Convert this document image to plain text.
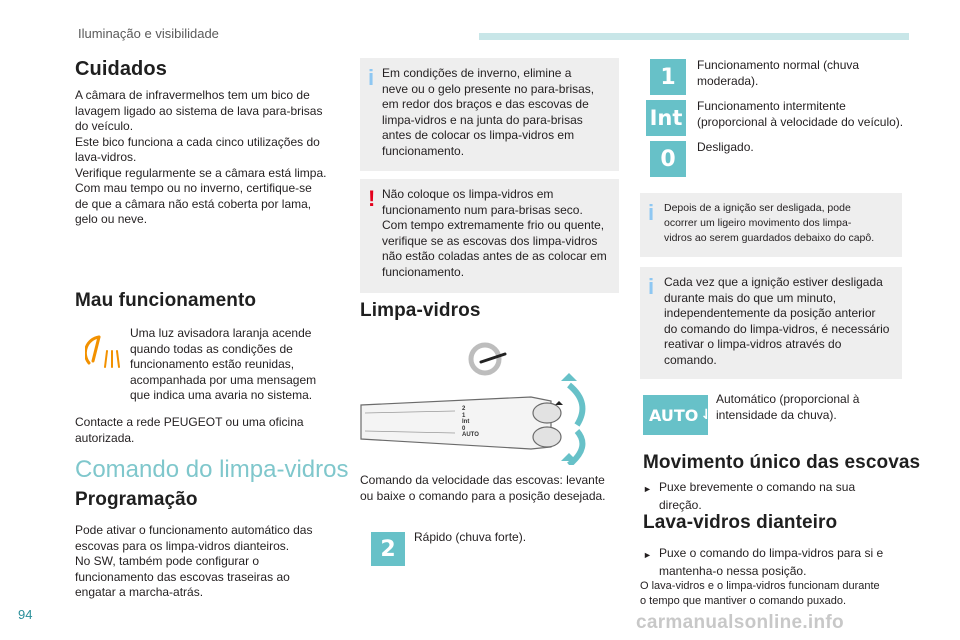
Iluminação e visibilidade
Cuidados
A câmara de infravermelhos tem um bico de
lavagem ligado ao sistema de lava para-brisas
do veículo.
Este bico funciona a cada cinco utilizações do
lava-vidros.
Verifique regularmente se a câmara está limpa.
Com mau tempo ou no inverno, certifique-se
de que a câmara não está coberta por lama,
gelo ou neve.
Mau funcionamento
Uma luz avisadora laranja acende
quando todas as condições de
funcionamento estão reunidas,
acompanhada por uma mensagem
que indica uma avaria no sistema.
Contacte a rede PEUGEOT ou uma oficina
autorizada.
Comando do limpa-vidros
Programação
Pode ativar o funcionamento automático das
escovas para os limpa-vidros dianteiros.
No SW, também pode configurar o
funcionamento das escovas traseiras ao
engatar a marcha-atrás.
i Em condições de inverno, elimine a
neve ou o gelo presente no para-brisas,
em redor dos braços e das escovas de
limpa-vidros e na junta do para-brisas
antes de colocar os limpa-vidros em
funcionamento.
! Não coloque os limpa-vidros em
funcionamento num para-brisas seco.
Com tempo extremamente frio ou quente,
verifique se as escovas dos limpa-vidros
não estão coladas antes de as colocar em
funcionamento.
Limpa-vidros
2
1
Int
0
AUTO
Comando da velocidade das escovas: levante
ou baixe o comando para a posição desejada.
2	Rápido (chuva forte).
1	Funcionamento normal (chuva
moderada).
Int Funcionamento intermitente
(proporcional à velocidade do veículo).
0	Desligado.
i Depois de a ignição ser desligada, pode
ocorrer um ligeiro movimento dos limpa-
vidros ao serem guardados debaixo do capô.
i Cada vez que a ignição estiver desligada
durante mais do que um minuto,
independentemente da posição anterior
do comando do limpa-vidros, é necessário
reativar o limpa-vidros através do
comando.
AUTO ⇃
Automático (proporcional à
intensidade da chuva).
Movimento único das escovas
► Puxe brevemente o comando na sua
direção.
Lava-vidros dianteiro
► Puxe o comando do limpa-vidros para si e
mantenha-o nessa posição.
O lava-vidros e o limpa-vidros funcionam durante
o tempo que mantiver o comando puxado.
94	carmanualsonline.info
